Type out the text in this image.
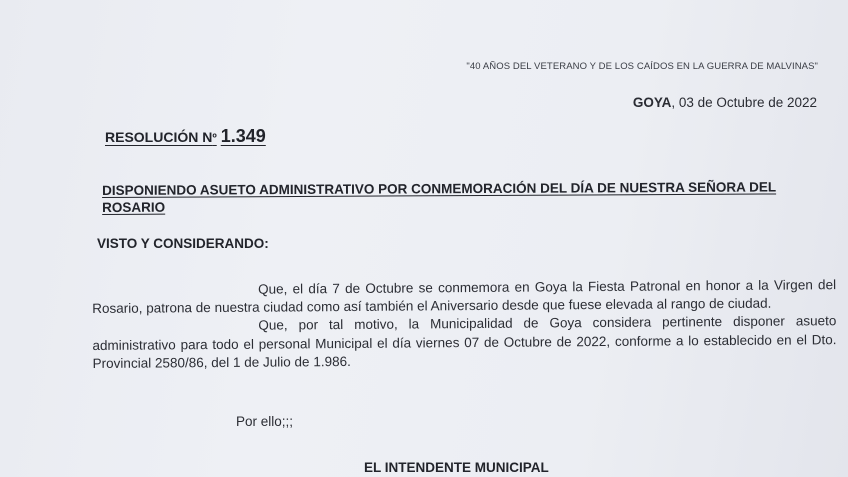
"40 AÑOS DEL VETERANO Y DE LOS CAÍDOS EN LA GUERRA DE MALVINAS"
GOYA, 03 de Octubre de 2022
RESOLUCIÓN Nº 1.349
DISPONIENDO ASUETO ADMINISTRATIVO POR CONMEMORACIÓN DEL DÍA DE NUESTRA SEÑORA DEL ROSARIO
VISTO Y CONSIDERANDO:

Que, el día 7 de Octubre se conmemora en Goya la Fiesta Patronal en honor a la Virgen del Rosario, patrona de nuestra ciudad como así también el Aniversario desde que fuese elevada al rango de ciudad.

Que, por tal motivo, la Municipalidad de Goya considera pertinente disponer asueto administrativo para todo el personal Municipal el día viernes 07 de Octubre de 2022, conforme a lo establecido en el Dto. Provincial 2580/86, del 1 de Julio de 1.986.

Por ello;;;
EL INTENDENTE MUNICIPAL
